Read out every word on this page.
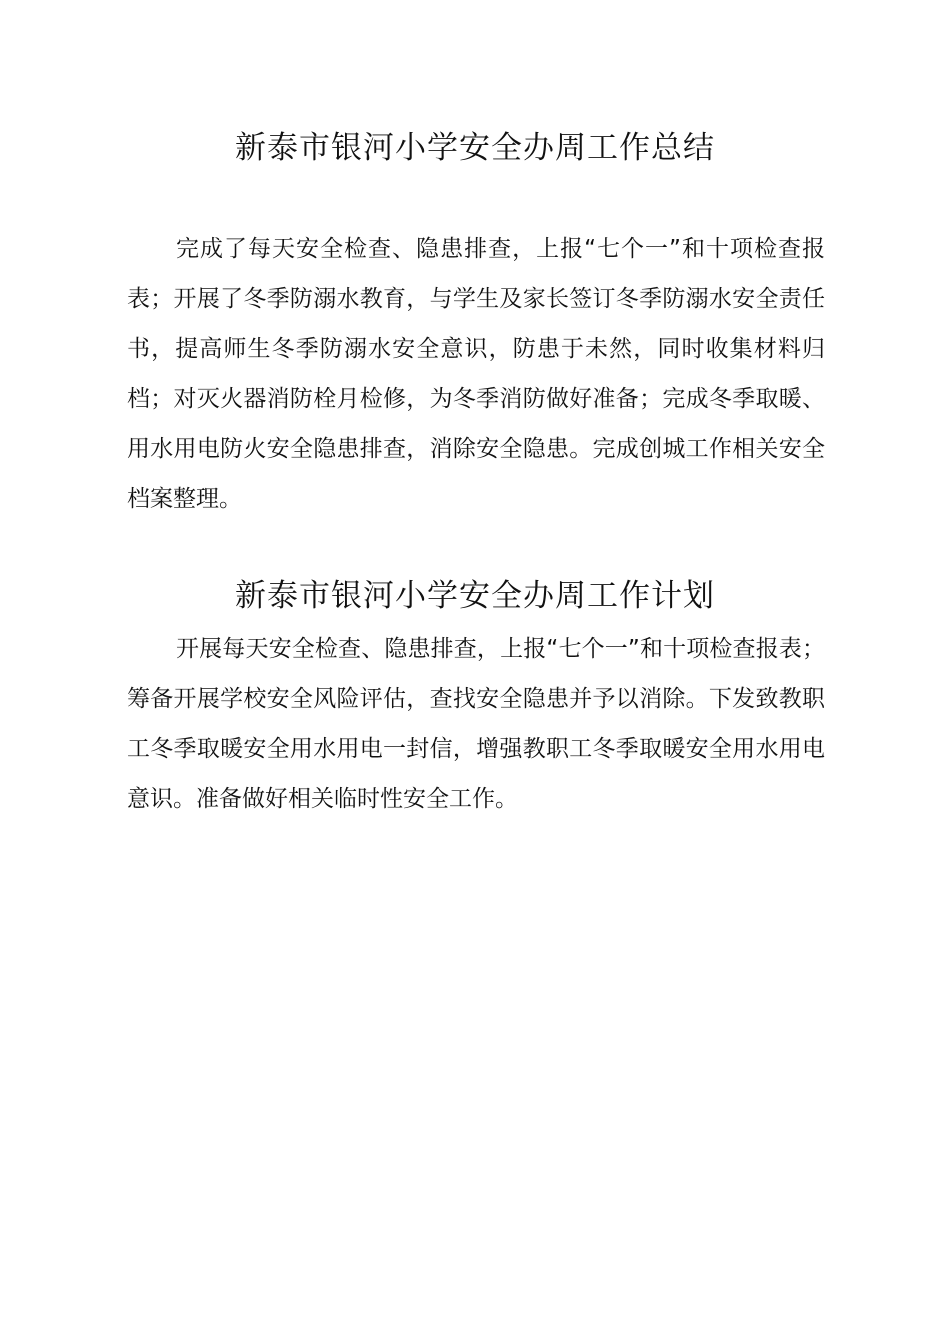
新泰市银河小学安全办周工作总结

完成了每天安全检查、隐患排查，上报“七个一”和十项检查报表；开展了冬季防溺水教育，与学生及家长签订冬季防溺水安全责任书，提高师生冬季防溺水安全意识，防患于未然，同时收集材料归档；对灭火器消防栓月检修，为冬季消防做好准备；完成冬季取暖、用水用电防火安全隐患排查，消除安全隐患。完成创城工作相关安全档案整理。

新泰市银河小学安全办周工作计划

开展每天安全检查、隐患排查，上报“七个一”和十项检查报表；筹备开展学校安全风险评估，查找安全隐患并予以消除。下发致教职工冬季取暖安全用水用电一封信，增强教职工冬季取暖安全用水用电意识。准备做好相关临时性安全工作。
